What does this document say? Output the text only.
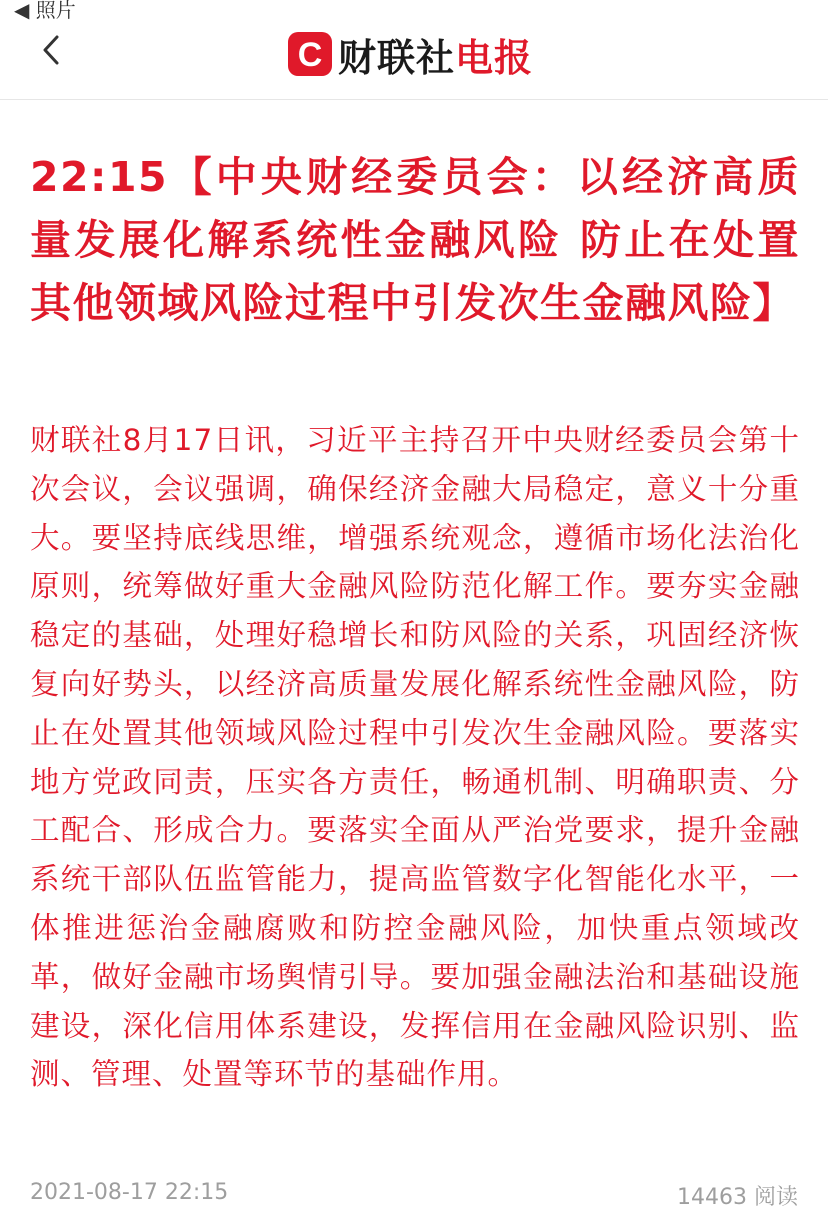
◀ 照片
C 财联社电报
22:15【中央财经委员会：以经济高质量发展化解系统性金融风险 防止在处置其他领域风险过程中引发次生金融风险】
财联社8月17日讯，习近平主持召开中央财经委员会第十次会议，会议强调，确保经济金融大局稳定，意义十分重大。要坚持底线思维，增强系统观念，遵循市场化法治化原则，统筹做好重大金融风险防范化解工作。要夯实金融稳定的基础，处理好稳增长和防风险的关系，巩固经济恢复向好势头，以经济高质量发展化解系统性金融风险，防止在处置其他领域风险过程中引发次生金融风险。要落实地方党政同责，压实各方责任，畅通机制、明确职责、分工配合、形成合力。要落实全面从严治党要求，提升金融系统干部队伍监管能力，提高监管数字化智能化水平，一体推进惩治金融腐败和防控金融风险，加快重点领域改革，做好金融市场舆情引导。要加强金融法治和基础设施建设，深化信用体系建设，发挥信用在金融风险识别、监测、管理、处置等环节的基础作用。
2021-08-17 22:15	14463 阅读
